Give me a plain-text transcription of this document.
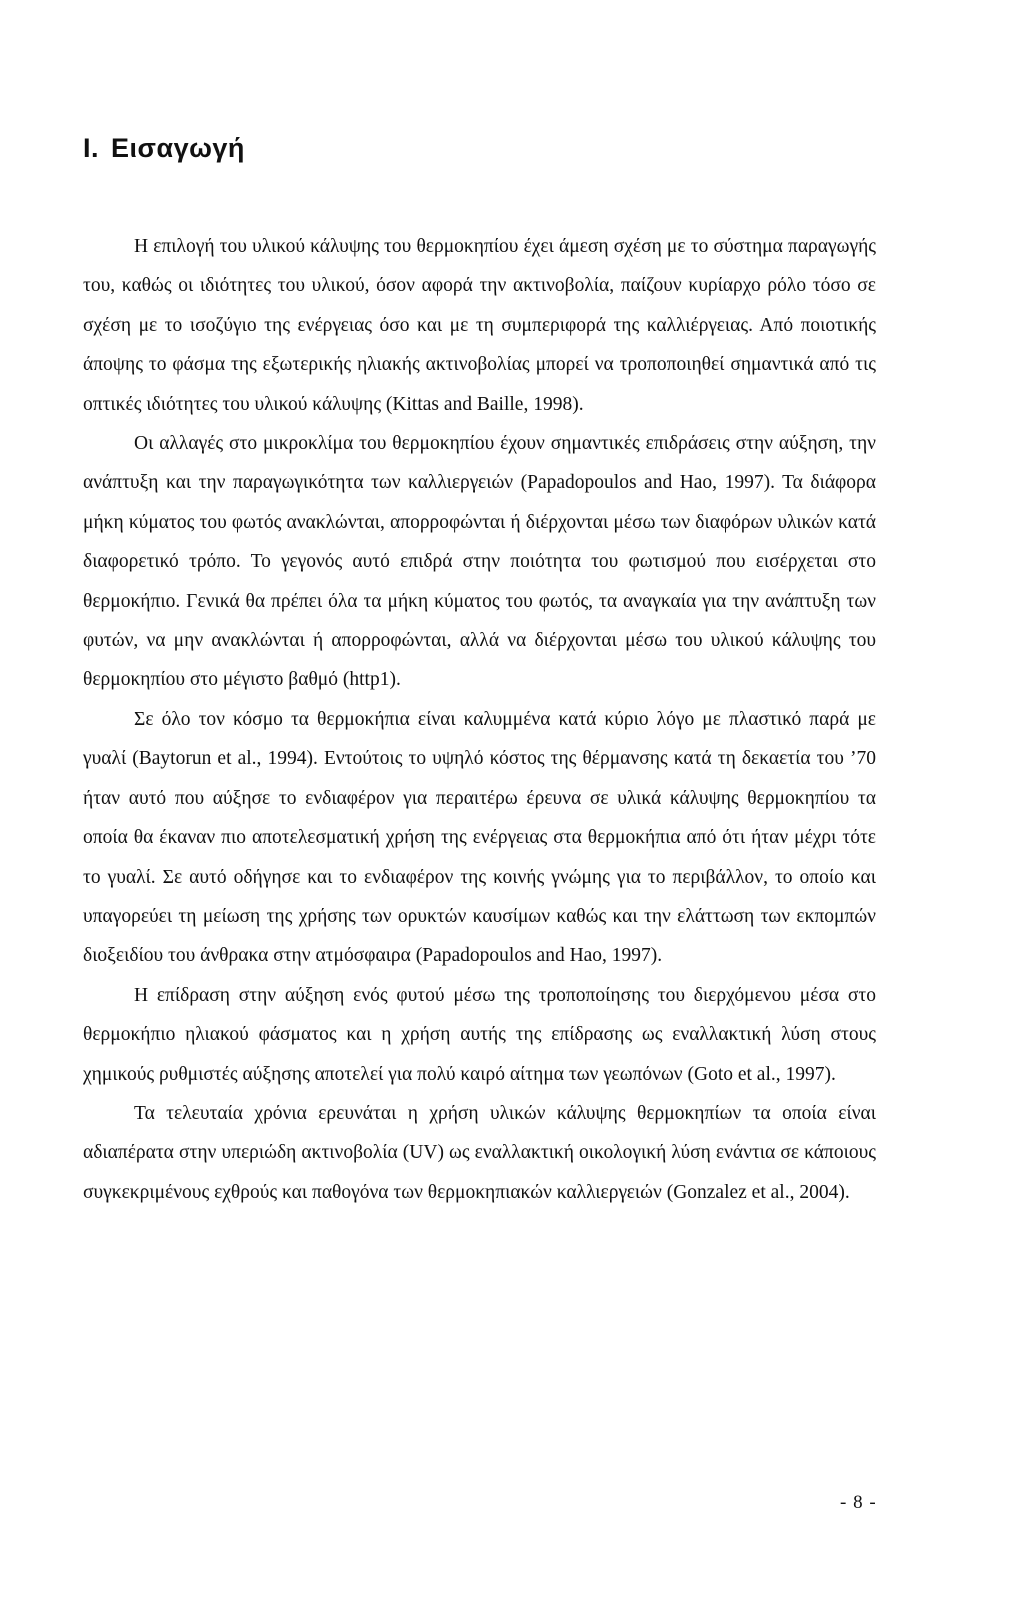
I. Εισαγωγή

Η επιλογή του υλικού κάλυψης του θερμοκηπίου έχει άμεση σχέση με το σύστημα παραγωγής του, καθώς οι ιδιότητες του υλικού, όσον αφορά την ακτινοβολία, παίζουν κυρίαρχο ρόλο τόσο σε σχέση με το ισοζύγιο της ενέργειας όσο και με τη συμπεριφορά της καλλιέργειας. Από ποιοτικής άποψης το φάσμα της εξωτερικής ηλιακής ακτινοβολίας μπορεί να τροποποιηθεί σημαντικά από τις οπτικές ιδιότητες του υλικού κάλυψης (Kittas and Baille, 1998).

Οι αλλαγές στο μικροκλίμα του θερμοκηπίου έχουν σημαντικές επιδράσεις στην αύξηση, την ανάπτυξη και την παραγωγικότητα των καλλιεργειών (Papadopoulos and Hao, 1997). Τα διάφορα μήκη κύματος του φωτός ανακλώνται, απορροφώνται ή διέρχονται μέσω των διαφόρων υλικών κατά διαφορετικό τρόπο. Το γεγονός αυτό επιδρά στην ποιότητα του φωτισμού που εισέρχεται στο θερμοκήπιο. Γενικά θα πρέπει όλα τα μήκη κύματος του φωτός, τα αναγκαία για την ανάπτυξη των φυτών, να μην ανακλώνται ή απορροφώνται, αλλά να διέρχονται μέσω του υλικού κάλυψης του θερμοκηπίου στο μέγιστο βαθμό (http1).

Σε όλο τον κόσμο τα θερμοκήπια είναι καλυμμένα κατά κύριο λόγο με πλαστικό παρά με γυαλί (Baytorun et al., 1994). Εντούτοις το υψηλό κόστος της θέρμανσης κατά τη δεκαετία του ’70 ήταν αυτό που αύξησε το ενδιαφέρον για περαιτέρω έρευνα σε υλικά κάλυψης θερμοκηπίου τα οποία θα έκαναν πιο αποτελεσματική χρήση της ενέργειας στα θερμοκήπια από ότι ήταν μέχρι τότε το γυαλί. Σε αυτό οδήγησε και το ενδιαφέρον της κοινής γνώμης για το περιβάλλον, το οποίο και υπαγορεύει τη μείωση της χρήσης των ορυκτών καυσίμων καθώς και την ελάττωση των εκπομπών διοξειδίου του άνθρακα στην ατμόσφαιρα (Papadopoulos and Hao, 1997).

Η επίδραση στην αύξηση ενός φυτού μέσω της τροποποίησης του διερχόμενου μέσα στο θερμοκήπιο ηλιακού φάσματος και η χρήση αυτής της επίδρασης ως εναλλακτική λύση στους χημικούς ρυθμιστές αύξησης αποτελεί για πολύ καιρό αίτημα των γεωπόνων (Goto et al., 1997).

Τα τελευταία χρόνια ερευνάται η χρήση υλικών κάλυψης θερμοκηπίων τα οποία είναι αδιαπέρατα στην υπεριώδη ακτινοβολία (UV) ως εναλλακτική οικολογική λύση ενάντια σε κάποιους συγκεκριμένους εχθρούς και παθογόνα των θερμοκηπιακών καλλιεργειών (Gonzalez et al., 2004).

- 8 -
